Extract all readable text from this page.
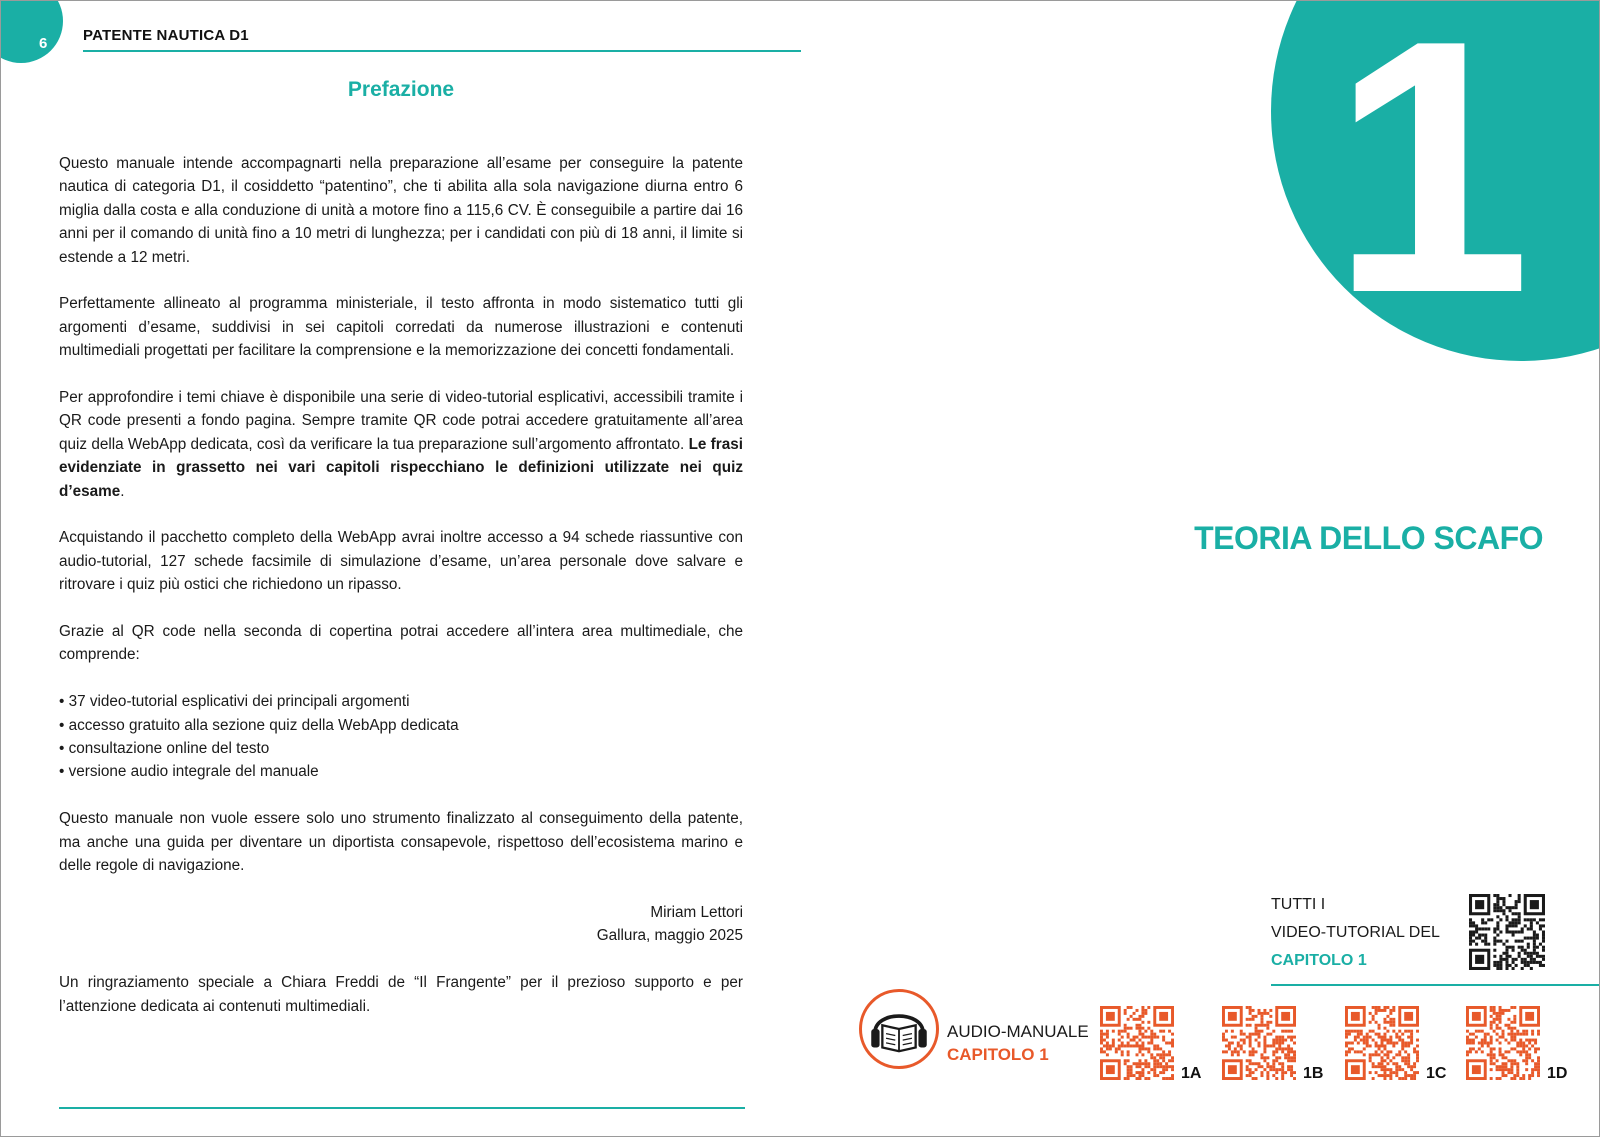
6 PATENTE NAUTICA D1
Prefazione

Questo manuale intende accompagnarti nella preparazione all’esame per conseguire la patente nautica di categoria D1, il cosiddetto “patentino”, che ti abilita alla sola navigazione diurna entro 6 miglia dalla costa e alla conduzione di unità a motore fino a 115,6 CV. È conseguibile a partire dai 16 anni per il comando di unità fino a 10 metri di lunghezza; per i candidati con più di 18 anni, il limite si estende a 12 metri.

Perfettamente allineato al programma ministeriale, il testo affronta in modo sistematico tutti gli argomenti d’esame, suddivisi in sei capitoli corredati da numerose illustrazioni e contenuti multimediali progettati per facilitare la comprensione e la memorizzazione dei concetti fondamentali.

Per approfondire i temi chiave è disponibile una serie di video-tutorial esplicativi, accessibili tramite i QR code presenti a fondo pagina. Sempre tramite QR code potrai accedere gratuitamente all’area quiz della WebApp dedicata, così da verificare la tua preparazione sull’argomento affrontato. Le frasi evidenziate in grassetto nei vari capitoli rispecchiano le definizioni utilizzate nei quiz d’esame.

Acquistando il pacchetto completo della WebApp avrai inoltre accesso a 94 schede riassuntive con audio-tutorial, 127 schede facsimile di simulazione d’esame, un’area personale dove salvare e ritrovare i quiz più ostici che richiedono un ripasso.

Grazie al QR code nella seconda di copertina potrai accedere all’intera area multimediale, che comprende:

• 37 video-tutorial esplicativi dei principali argomenti
• accesso gratuito alla sezione quiz della WebApp dedicata
• consultazione online del testo
• versione audio integrale del manuale

Questo manuale non vuole essere solo uno strumento finalizzato al conseguimento della patente, ma anche una guida per diventare un diportista consapevole, rispettoso dell’ecosistema marino e delle regole di navigazione.

Miriam Lettori
Gallura, maggio 2025

Un ringraziamento speciale a Chiara Freddi de “Il Frangente” per il prezioso supporto e per l’attenzione dedicata ai contenuti multimediali.

1
TEORIA DELLO SCAFO
TUTTI I
VIDEO-TUTORIAL DEL
CAPITOLO 1
AUDIO-MANUALE
CAPITOLO 1
1A	1B	1C	1D
